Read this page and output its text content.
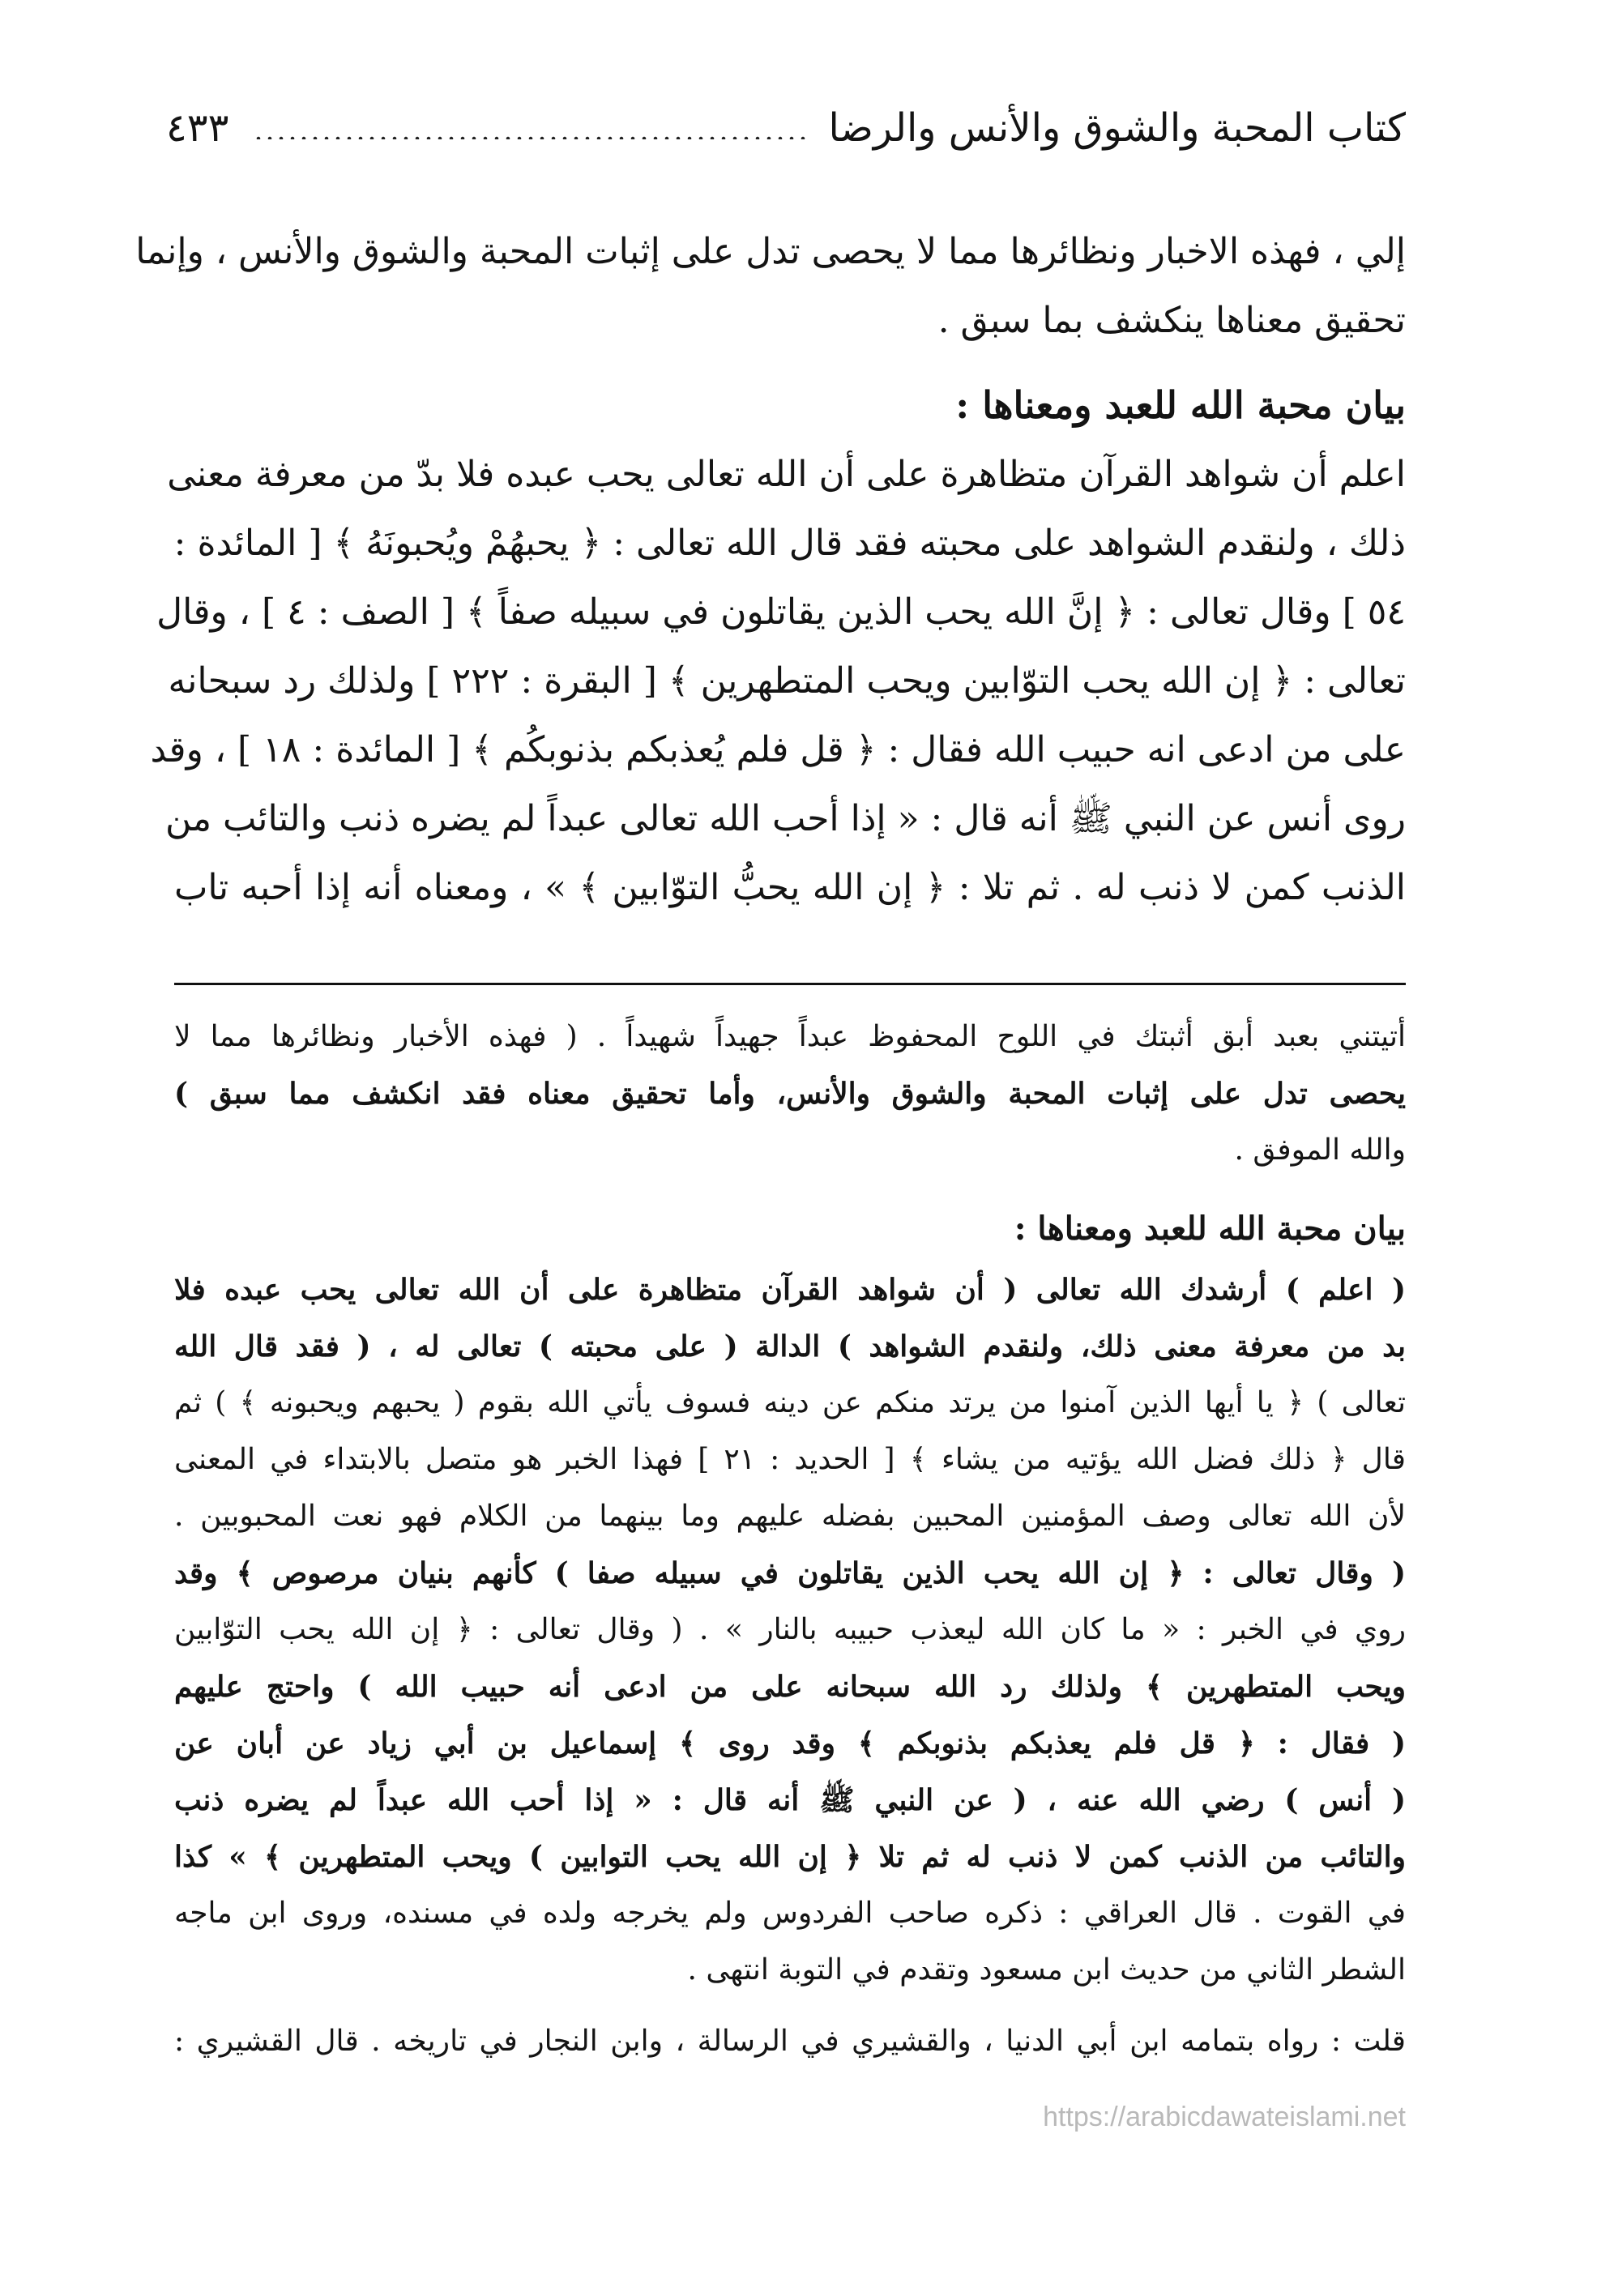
كتاب المحبة والشوق والأنس والرضا
٤٣٣
إلي ، فهذه الاخبار ونظائرها مما لا يحصى تدل على إثبات المحبة والشوق والأنس ، وإنما
تحقيق معناها ينكشف بما سبق .
بيان محبة الله للعبد ومعناها :
اعلم أن شواهد القرآن متظاهرة على أن الله تعالى يحب عبده فلا بدّ من معرفة معنى
ذلك ، ولنقدم الشواهد على محبته فقد قال الله تعالى : ﴿ يحبهُمْ ويُحبونَهُ ﴾ [ المائدة :
٥٤ ] وقال تعالى : ﴿ إنَّ الله يحب الذين يقاتلون في سبيله صفاً ﴾ [ الصف : ٤ ] ، وقال
تعالى : ﴿ إن الله يحب التوّابين ويحب المتطهرين ﴾ [ البقرة : ٢٢٢ ] ولذلك رد سبحانه
على من ادعى انه حبيب الله فقال : ﴿ قل فلم يُعذبكم بذنوبكُم ﴾ [ المائدة : ١٨ ] ، وقد
روى أنس عن النبي ﷺ أنه قال : « إذا أحب الله تعالى عبداً لم يضره ذنب والتائب من
الذنب كمن لا ذنب له . ثم تلا : ﴿ إن الله يحبُّ التوّابين ﴾ » ، ومعناه أنه إذا أحبه تاب
أتيتني بعبد أبق أثبتك في اللوح المحفوظ عبداً جهيداً شهيداً . ( فهذه الأخبار ونظائرها مما لا
يحصى تدل على إثبات المحبة والشوق والأنس، وأما تحقيق معناه فقد انكشف مما سبق )
والله الموفق .
بيان محبة الله للعبد ومعناها :
( اعلم ) أرشدك الله تعالى ( أن شواهد القرآن متظاهرة على أن الله تعالى يحب عبده فلا
بد من معرفة معنى ذلك، ولنقدم الشواهد ) الدالة ( على محبته ) تعالى له ، ( فقد قال الله
تعالى ) ﴿ يا أيها الذين آمنوا من يرتد منكم عن دينه فسوف يأتي الله بقوم ( يحبهم ويحبونه ﴾ ) ثم
قال ﴿ ذلك فضل الله يؤتيه من يشاء ﴾ [ الحديد : ٢١ ] فهذا الخبر هو متصل بالابتداء في المعنى
لأن الله تعالى وصف المؤمنين المحبين بفضله عليهم وما بينهما من الكلام فهو نعت المحبوبين .
( وقال تعالى : ﴿ إن الله يحب الذين يقاتلون في سبيله صفا ) كأنهم بنيان مرصوص ﴾ وقد
روي في الخبر : « ما كان الله ليعذب حبيبه بالنار » . ( وقال تعالى : ﴿ إن الله يحب التوّابين
ويحب المتطهرين ﴾ ولذلك رد الله سبحانه على من ادعى أنه حبيب الله ) واحتج عليهم
( فقال : ﴿ قل فلم يعذبكم بذنوبكم ﴾ وقد روى ﴾ إسماعيل بن أبي زياد عن أبان عن
( أنس ) رضي الله عنه ، ( عن النبي ﷺ أنه قال : « إذا أحب الله عبداً لم يضره ذنب
والتائب من الذنب كمن لا ذنب له ثم تلا ﴿ إن الله يحب التوابين ) ويحب المتطهرين ﴾ » كذا
في القوت . قال العراقي : ذكره صاحب الفردوس ولم يخرجه ولده في مسنده، وروى ابن ماجه
الشطر الثاني من حديث ابن مسعود وتقدم في التوبة انتهى .
قلت : رواه بتمامه ابن أبي الدنيا ، والقشيري في الرسالة ، وابن النجار في تاريخه . قال القشيري :
https://arabicdawateislami.net
